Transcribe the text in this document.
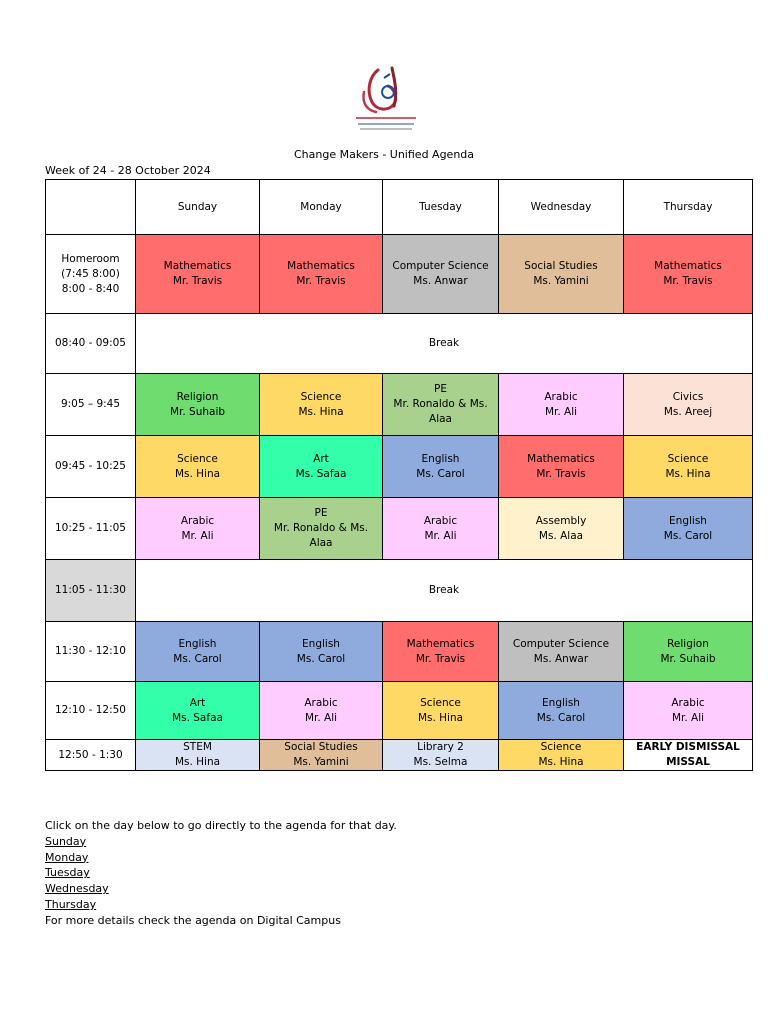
Change Makers - Unified Agenda
Week of 24 - 28 October 2024
	Sunday	Monday	Tuesday	Wednesday	Thursday

Homeroom
(7:45 8:00)
8:00 - 8:40	Mathematics
Mr. Travis	Mathematics
Mr. Travis	Computer Science
Ms. Anwar	Social Studies
Ms. Yamini	Mathematics
Mr. Travis

08:40 - 09:05	Break				

9:05 – 9:45	Religion
Mr. Suhaib	Science
Ms. Hina	PE
Mr. Ronaldo & Ms.
Alaa	Arabic
Mr. Ali	Civics
Ms. Areej

09:45 - 10:25	Science
Ms. Hina	Art
Ms. Safaa	English
Ms. Carol	Mathematics
Mr. Travis	Science
Ms. Hina

10:25 - 11:05	Arabic
Mr. Ali	PE
Mr. Ronaldo & Ms.
Alaa	Arabic
Mr. Ali	Assembly
Ms. Alaa	English
Ms. Carol

11:05 - 11:30	Break				

11:30 - 12:10	English
Ms. Carol	English
Ms. Carol	Mathematics
Mr. Travis	Computer Science
Ms. Anwar	Religion
Mr. Suhaib

12:10 - 12:50	Art
Ms. Safaa	Arabic
Mr. Ali	Science
Ms. Hina	English
Ms. Carol	Arabic
Mr. Ali

12:50 - 1:30	STEM
Ms. Hina	Social Studies
Ms. Yamini	Library 2
Ms. Selma	Science
Ms. Hina	EARLY DISMISSAL
MISSAL
Click on the day below to go directly to the agenda for that day.
Sunday
Monday
Tuesday
Wednesday
Thursday
For more details check the agenda on Digital Campus
